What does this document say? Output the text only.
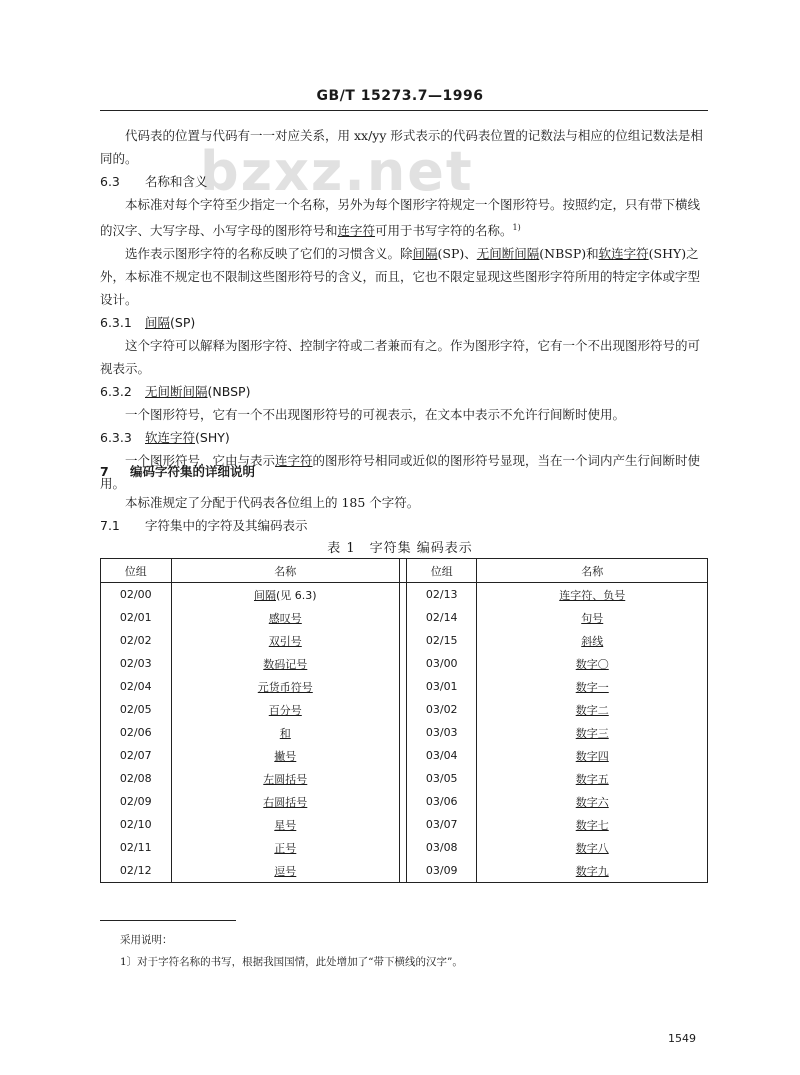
GB/T 15273.7—1996
bzxz.net

代码表的位置与代码有一一对应关系，用 xx/yy 形式表示的代码表位置的记数法与相应的位组记数法是相同的。

6.3 名称和含义

本标准对每个字符至少指定一个名称，另外为每个图形字符规定一个图形符号。按照约定，只有带下横线的汉字、大写字母、小写字母的图形符号和连字符可用于书写字符的名称。$^{1)}$

选作表示图形字符的名称反映了它们的习惯含义。除间隔(SP)、无间断间隔(NBSP)和软连字符(SHY)之外，本标准不规定也不限制这些图形符号的含义，而且，它也不限定显现这些图形字符所用的特定字体或字型设计。

6.3.1 间隔(SP)

这个字符可以解释为图形字符、控制字符或二者兼而有之。作为图形字符，它有一个不出现图形符号的可视表示。

6.3.2 无间断间隔(NBSP)

一个图形符号，它有一个不出现图形符号的可视表示，在文本中表示不允许行间断时使用。

6.3.3 软连字符(SHY)

一个图形符号，它由与表示连字符的图形符号相同或近似的图形符号显现，当在一个词内产生行间断时使用。

7 编码字符集的详细说明

本标准规定了分配于代码表各位组上的 185 个字符。

7.1 字符集中的字符及其编码表示
表 1　字符集 编码表示
位组	名称		位组	名称
02/00	间隔(见 6.3)		02/13	连字符、负号
02/01	感叹号		02/14	句号
02/02	双引号		02/15	斜线
02/03	数码记号		03/00	数字〇
02/04	元货币符号		03/01	数字一
02/05	百分号		03/02	数字二
02/06	和		03/03	数字三
02/07	撇号		03/04	数字四
02/08	左圆括号		03/05	数字五
02/09	右圆括号		03/06	数字六
02/10	星号		03/07	数字七
02/11	正号		03/08	数字八
02/12	逗号		03/09	数字九
采用说明：
1〕对于字符名称的书写，根据我国国情，此处增加了“带下横线的汉字”。
1549
